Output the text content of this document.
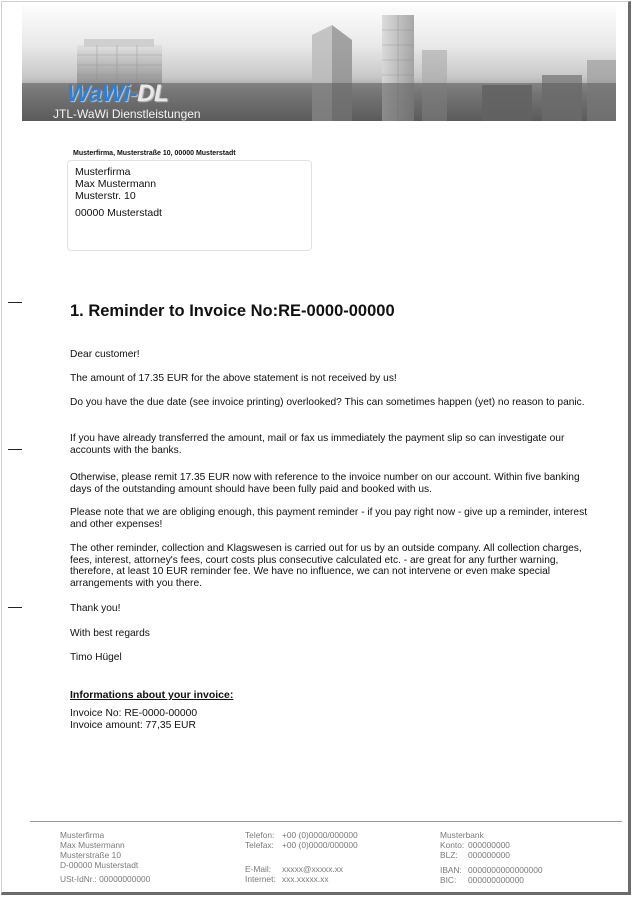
WaWi-DL
JTL-WaWi Dienstleistungen
Musterfirma, Musterstraße 10, 00000 Musterstadt
Musterfirma
Max Mustermann
Musterstr. 10
00000 Musterstadt
1. Reminder to Invoice No:RE-0000-00000
Dear customer!
The amount of 17.35 EUR for the above statement is not received by us!
Do you have the due date (see invoice printing) overlooked? This can sometimes happen (yet) no reason to panic.
If you have already transferred the amount, mail or fax us immediately the payment slip so can investigate our accounts with the banks.
Otherwise, please remit 17.35 EUR now with reference to the invoice number on our account. Within five banking days of the outstanding amount should have been fully paid and booked with us.
Please note that we are obliging enough, this payment reminder - if you pay right now - give up a reminder, interest and other expenses!
The other reminder, collection and Klagswesen is carried out for us by an outside company. All collection charges, fees, interest, attorney's fees, court costs plus consecutive calculated etc. - are great for any further warning, therefore, at least 10 EUR reminder fee. We have no influence, we can not intervene or even make special arrangements with you there.
Thank you!
With best regards
Timo Hügel
Informations about your invoice:
Invoice No: RE-0000-00000
Invoice amount: 77,35 EUR
Musterfirma
Max Mustermann
Musterstraße 10
D-00000 Musterstadt
USt-IdNr.: 00000000000
Telefon: +00 (0)0000/000000
Telefax: +00 (0)0000/000000
E-Mail: xxxxx@xxxxx.xx
Internet: xxx.xxxxx.xx
Musterbank
Konto: 000000000
BLZ: 000000000
IBAN: 0000000000000000
BIC: 000000000000
